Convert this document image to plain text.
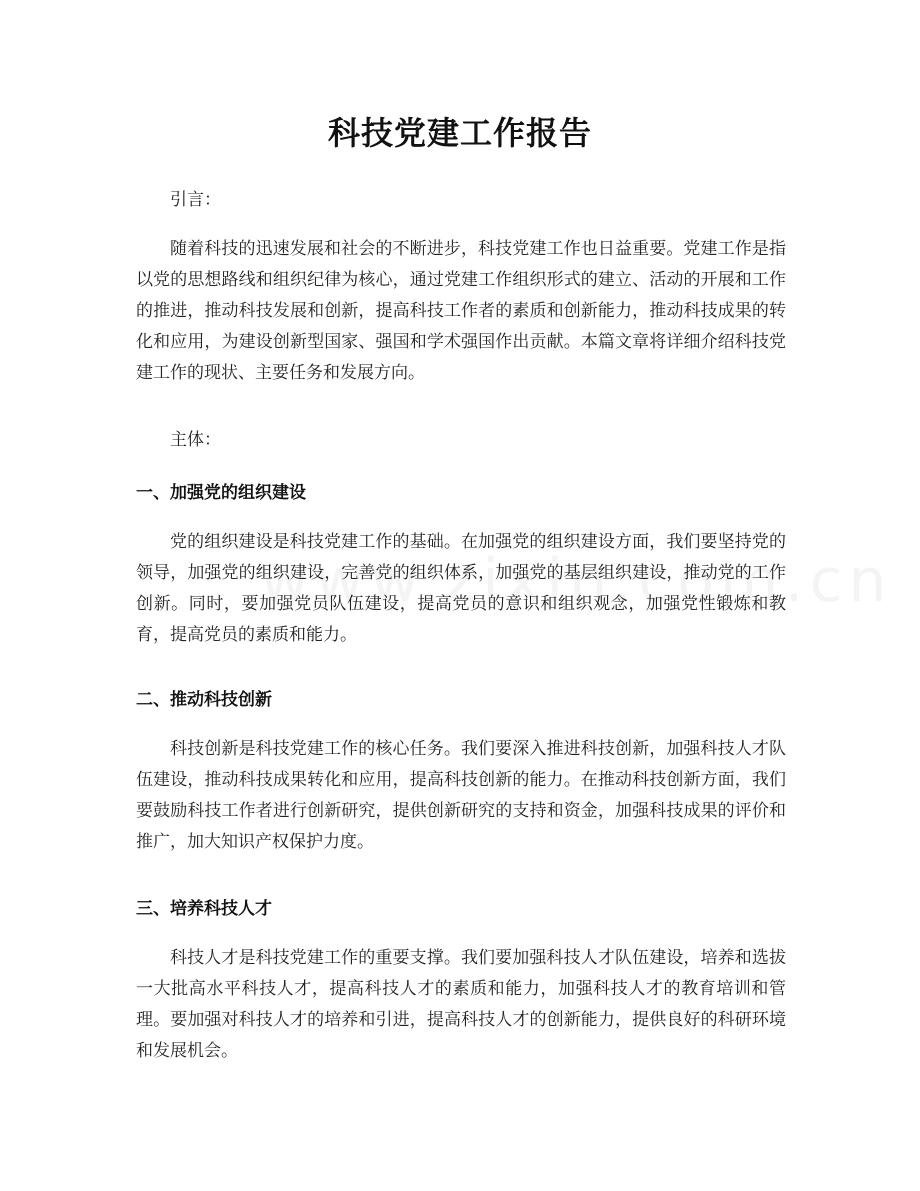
科技党建工作报告

引言：

随着科技的迅速发展和社会的不断进步，科技党建工作也日益重要。党建工作是指以党的思想路线和组织纪律为核心，通过党建工作组织形式的建立、活动的开展和工作的推进，推动科技发展和创新，提高科技工作者的素质和创新能力，推动科技成果的转化和应用，为建设创新型国家、强国和学术强国作出贡献。本篇文章将详细介绍科技党建工作的现状、主要任务和发展方向。

主体：

一、加强党的组织建设

党的组织建设是科技党建工作的基础。在加强党的组织建设方面，我们要坚持党的领导，加强党的组织建设，完善党的组织体系，加强党的基层组织建设，推动党的工作创新。同时，要加强党员队伍建设，提高党员的意识和组织观念，加强党性锻炼和教育，提高党员的素质和能力。

二、推动科技创新

科技创新是科技党建工作的核心任务。我们要深入推进科技创新，加强科技人才队伍建设，推动科技成果转化和应用，提高科技创新的能力。在推动科技创新方面，我们要鼓励科技工作者进行创新研究，提供创新研究的支持和资金，加强科技成果的评价和推广，加大知识产权保护力度。

三、培养科技人才

科技人才是科技党建工作的重要支撑。我们要加强科技人才队伍建设，培养和选拔一大批高水平科技人才，提高科技人才的素质和能力，加强科技人才的教育培训和管理。要加强对科技人才的培养和引进，提高科技人才的创新能力，提供良好的科研环境和发展机会。
